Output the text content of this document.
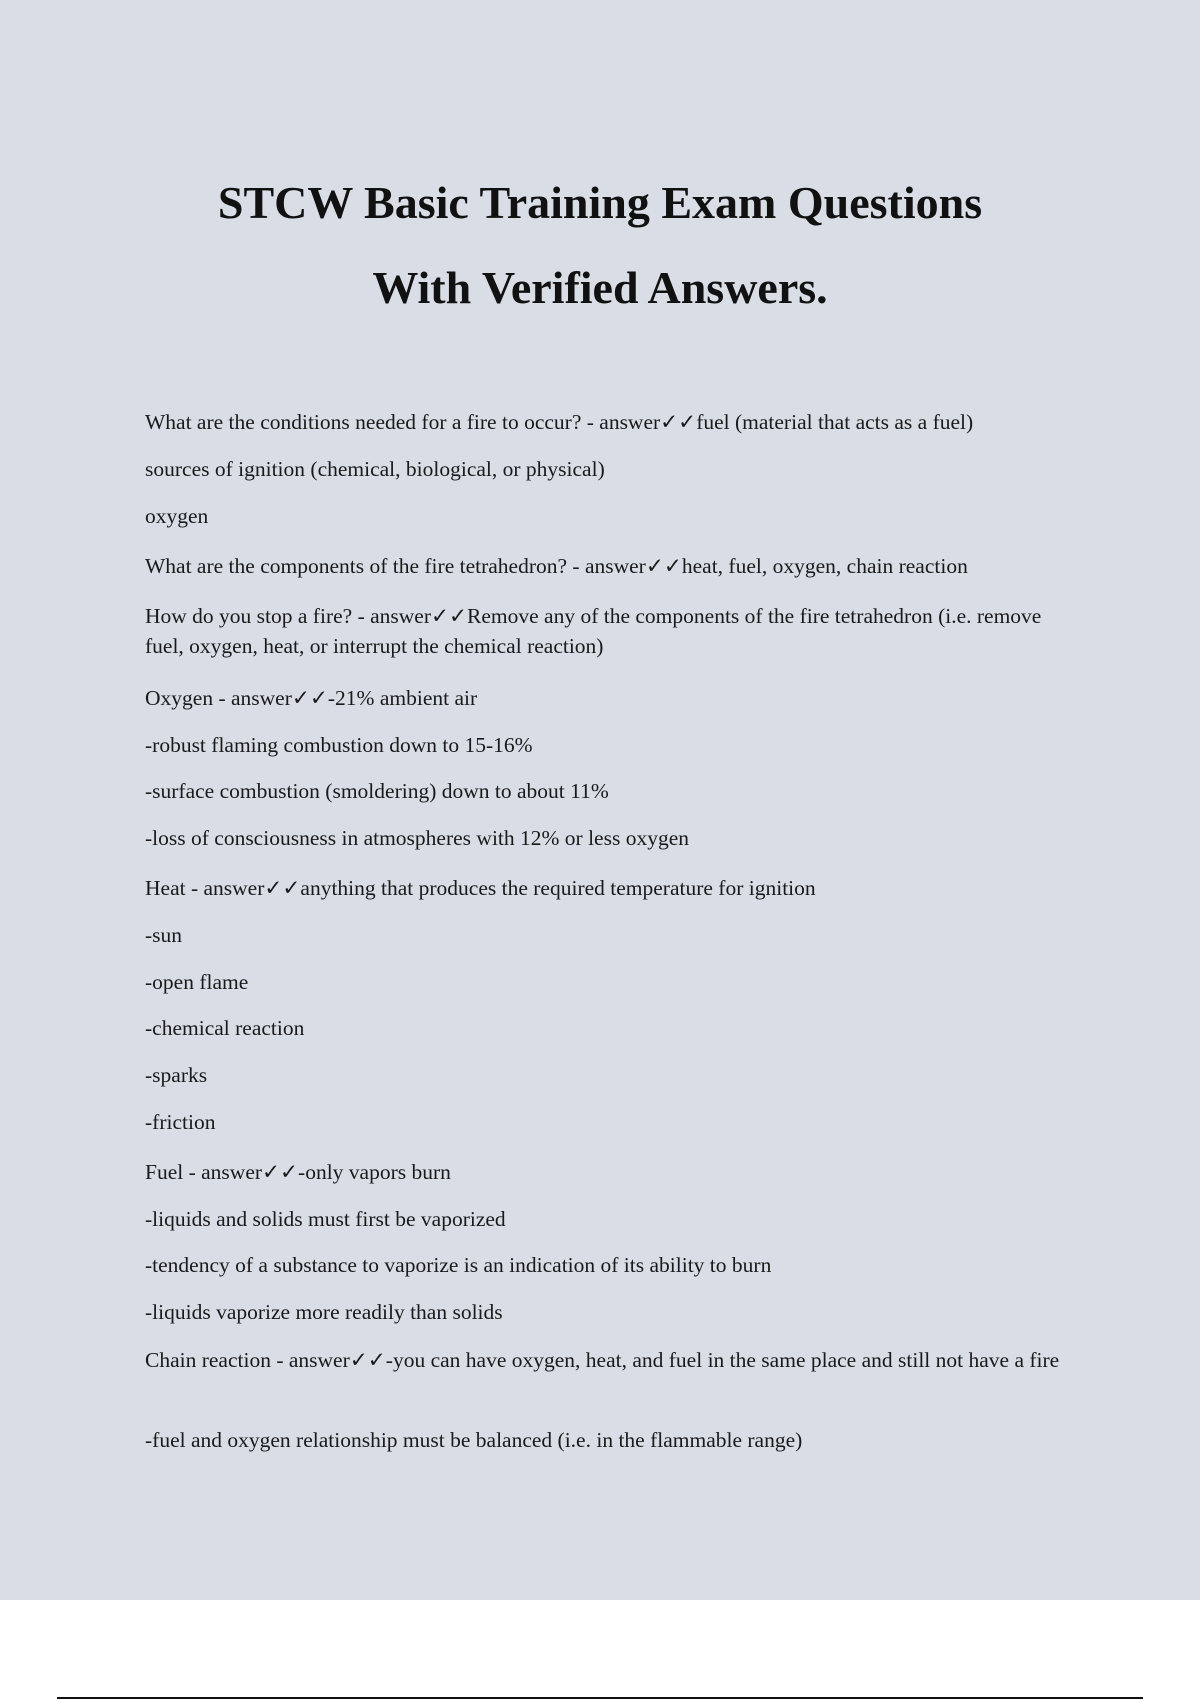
STCW Basic Training Exam Questions
With Verified Answers.
What are the conditions needed for a fire to occur? - answer✓✓fuel (material that acts as a fuel)
sources of ignition (chemical, biological, or physical)
oxygen
What are the components of the fire tetrahedron? - answer✓✓heat, fuel, oxygen, chain reaction
How do you stop a fire? - answer✓✓Remove any of the components of the fire tetrahedron (i.e. remove fuel, oxygen, heat, or interrupt the chemical reaction)
Oxygen - answer✓✓-21% ambient air
-robust flaming combustion down to 15-16%
-surface combustion (smoldering) down to about 11%
-loss of consciousness in atmospheres with 12% or less oxygen
Heat - answer✓✓anything that produces the required temperature for ignition
-sun
-open flame
-chemical reaction
-sparks
-friction
Fuel - answer✓✓-only vapors burn
-liquids and solids must first be vaporized
-tendency of a substance to vaporize is an indication of its ability to burn
-liquids vaporize more readily than solids
Chain reaction - answer✓✓-you can have oxygen, heat, and fuel in the same place and still not have a fire
-fuel and oxygen relationship must be balanced (i.e. in the flammable range)
